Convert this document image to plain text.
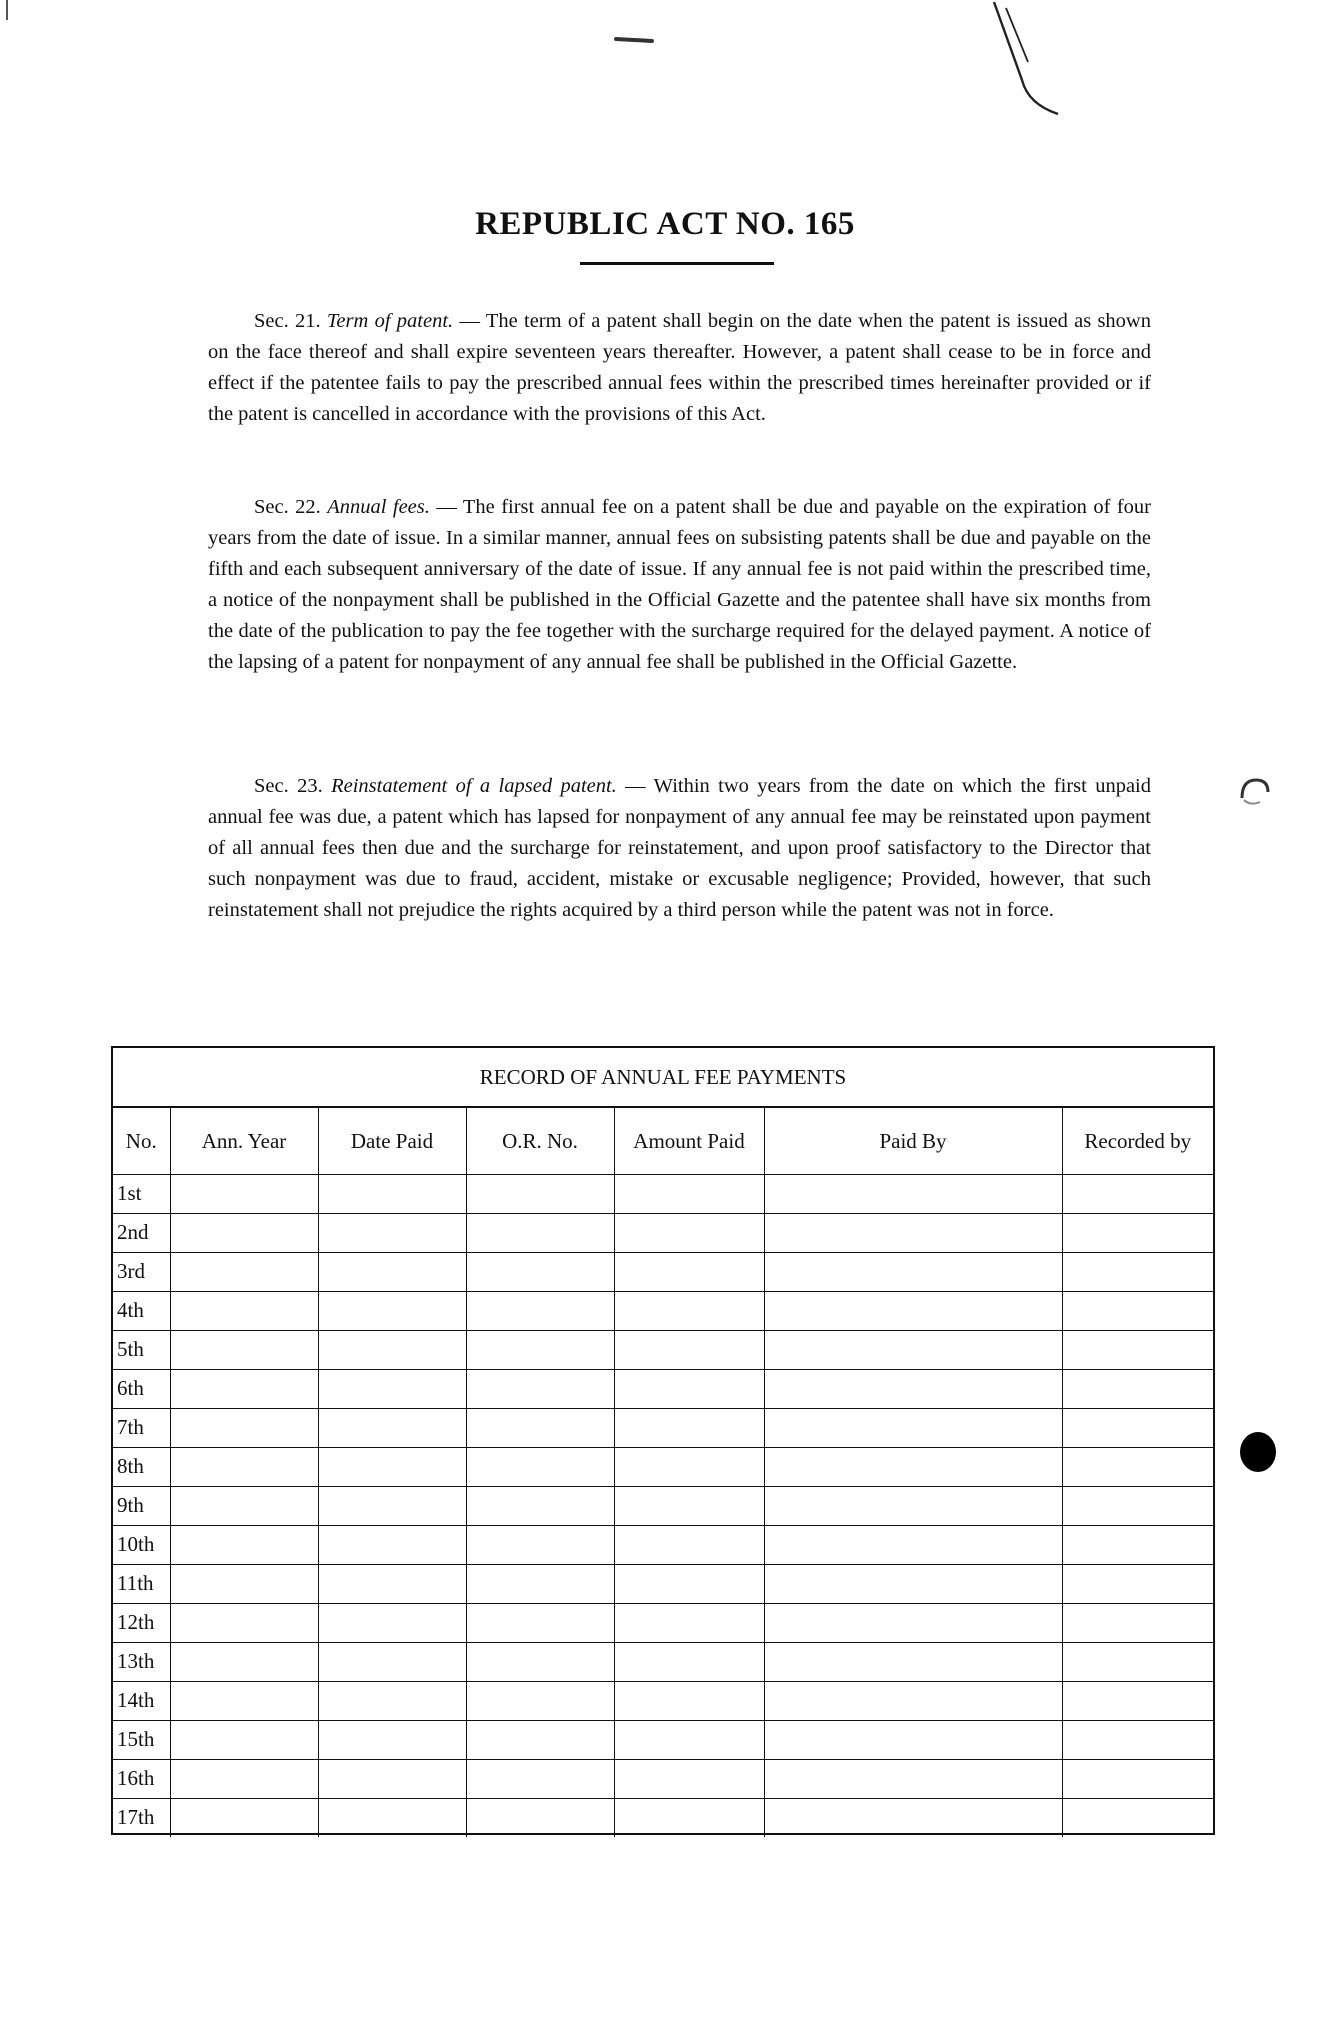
REPUBLIC ACT NO. 165

Sec. 21. Term of patent. — The term of a patent shall begin on the date when the patent is issued as shown on the face thereof and shall expire seventeen years thereafter. However, a patent shall cease to be in force and effect if the patentee fails to pay the prescribed annual fees within the prescribed times hereinafter provided or if the patent is cancelled in accordance with the provisions of this Act.

Sec. 22. Annual fees. — The first annual fee on a patent shall be due and payable on the expiration of four years from the date of issue. In a similar manner, annual fees on subsisting patents shall be due and payable on the fifth and each subsequent anniversary of the date of issue. If any annual fee is not paid within the prescribed time, a notice of the nonpayment shall be published in the Official Gazette and the patentee shall have six months from the date of the publication to pay the fee together with the surcharge required for the delayed payment. A notice of the lapsing of a patent for nonpayment of any annual fee shall be published in the Official Gazette.

Sec. 23. Reinstatement of a lapsed patent. — Within two years from the date on which the first unpaid annual fee was due, a patent which has lapsed for nonpayment of any annual fee may be reinstated upon payment of all annual fees then due and the surcharge for reinstatement, and upon proof satisfactory to the Director that such nonpayment was due to fraud, accident, mistake or excusable negligence; Provided, however, that such reinstatement shall not prejudice the rights acquired by a third person while the patent was not in force.

RECORD OF ANNUAL FEE PAYMENTS
No.	Ann. Year	Date Paid	O.R. No.	Amount Paid	Paid By	Recorded by
1st						
2nd						
3rd						
4th						
5th						
6th						
7th						
8th						
9th						
10th						
11th						
12th						
13th						
14th						
15th						
16th						
17th						
